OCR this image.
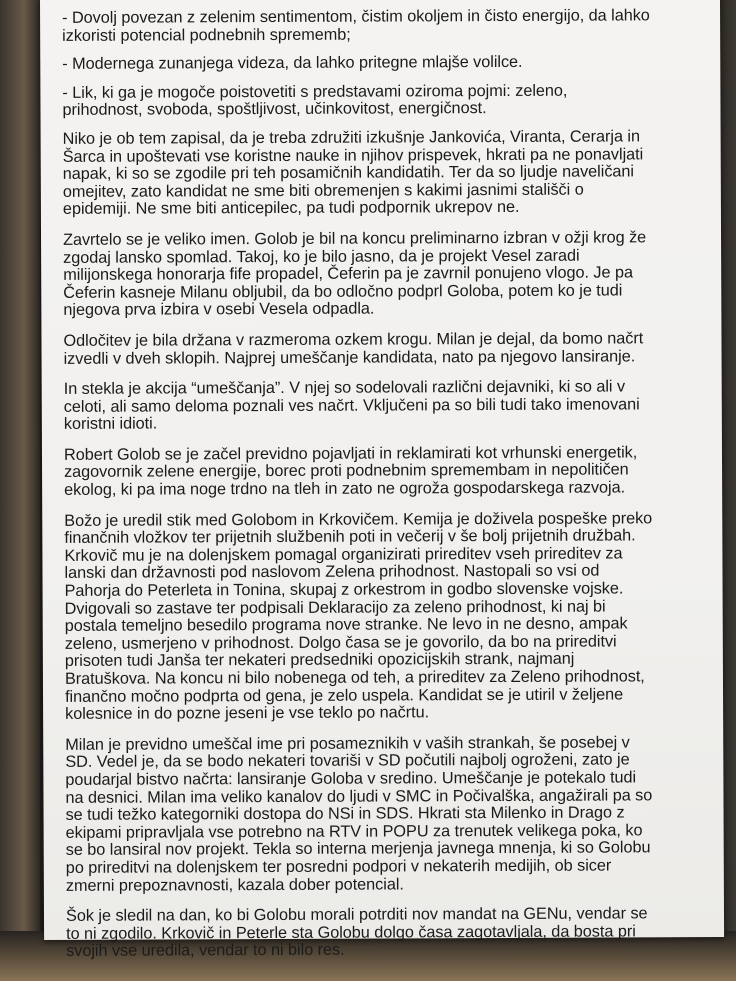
- Dovolj povezan z zelenim sentimentom, čistim okoljem in čisto energijo, da lahko
izkoristi potencial podnebnih sprememb;

- Modernega zunanjega videza, da lahko pritegne mlajše volilce.

- Lik, ki ga je mogoče poistovetiti s predstavami oziroma pojmi: zeleno,
prihodnost, svoboda, spoštljivost, učinkovitost, energičnost.

Niko je ob tem zapisal, da je treba združiti izkušnje Jankovića, Viranta, Cerarja in
Šarca in upoštevati vse koristne nauke in njihov prispevek, hkrati pa ne ponavljati
napak, ki so se zgodile pri teh posamičnih kandidatih. Ter da so ljudje naveličani
omejitev, zato kandidat ne sme biti obremenjen s kakimi jasnimi stališči o
epidemiji. Ne sme biti anticepilec, pa tudi podpornik ukrepov ne.

Zavrtelo se je veliko imen. Golob je bil na koncu preliminarno izbran v ožji krog že
zgodaj lansko spomlad. Takoj, ko je bilo jasno, da je projekt Vesel zaradi
milijonskega honorarja fife propadel, Čeferin pa je zavrnil ponujeno vlogo. Je pa
Čeferin kasneje Milanu obljubil, da bo odločno podprl Goloba, potem ko je tudi
njegova prva izbira v osebi Vesela odpadla.

Odločitev je bila držana v razmeroma ozkem krogu. Milan je dejal, da bomo načrt
izvedli v dveh sklopih. Najprej umeščanje kandidata, nato pa njegovo lansiranje.

In stekla je akcija “umeščanja”. V njej so sodelovali različni dejavniki, ki so ali v
celoti, ali samo deloma poznali ves načrt. Vključeni pa so bili tudi tako imenovani
koristni idioti.

Robert Golob se je začel previdno pojavljati in reklamirati kot vrhunski energetik,
zagovornik zelene energije, borec proti podnebnim spremembam in nepolitičen
ekolog, ki pa ima noge trdno na tleh in zato ne ogroža gospodarskega razvoja.

Božo je uredil stik med Golobom in Krkovičem. Kemija je doživela pospeške preko
finančnih vložkov ter prijetnih službenih poti in večerij v še bolj prijetnih družbah.
Krkovič mu je na dolenjskem pomagal organizirati prireditev vseh prireditev za
lanski dan državnosti pod naslovom Zelena prihodnost. Nastopali so vsi od
Pahorja do Peterleta in Tonina, skupaj z orkestrom in godbo slovenske vojske.
Dvigovali so zastave ter podpisali Deklaracijo za zeleno prihodnost, ki naj bi
postala temeljno besedilo programa nove stranke. Ne levo in ne desno, ampak
zeleno, usmerjeno v prihodnost. Dolgo časa se je govorilo, da bo na prireditvi
prisoten tudi Janša ter nekateri predsedniki opozicijskih strank, najmanj
Bratuškova. Na koncu ni bilo nobenega od teh, a prireditev za Zeleno prihodnost,
finančno močno podprta od gena, je zelo uspela. Kandidat se je utiril v željene
kolesnice in do pozne jeseni je vse teklo po načrtu.

Milan je previdno umeščal ime pri posameznikih v vaših strankah, še posebej v
SD. Vedel je, da se bodo nekateri tovariši v SD počutili najbolj ogroženi, zato je
poudarjal bistvo načrta: lansiranje Goloba v sredino. Umeščanje je potekalo tudi
na desnici. Milan ima veliko kanalov do ljudi v SMC in Počivalška, angažirali pa so
se tudi težko kategorniki dostopa do NSi in SDS. Hkrati sta Milenko in Drago z
ekipami pripravljala vse potrebno na RTV in POPU za trenutek velikega poka, ko
se bo lansiral nov projekt. Tekla so interna merjenja javnega mnenja, ki so Golobu
po prireditvi na dolenjskem ter posredni podpori v nekaterih medijih, ob sicer
zmerni prepoznavnosti, kazala dober potencial.

Šok je sledil na dan, ko bi Golobu morali potrditi nov mandat na GENu, vendar se
to ni zgodilo. Krkovič in Peterle sta Golobu dolgo časa zagotavljala, da bosta pri
svojih vse uredila, vendar to ni bilo res.
